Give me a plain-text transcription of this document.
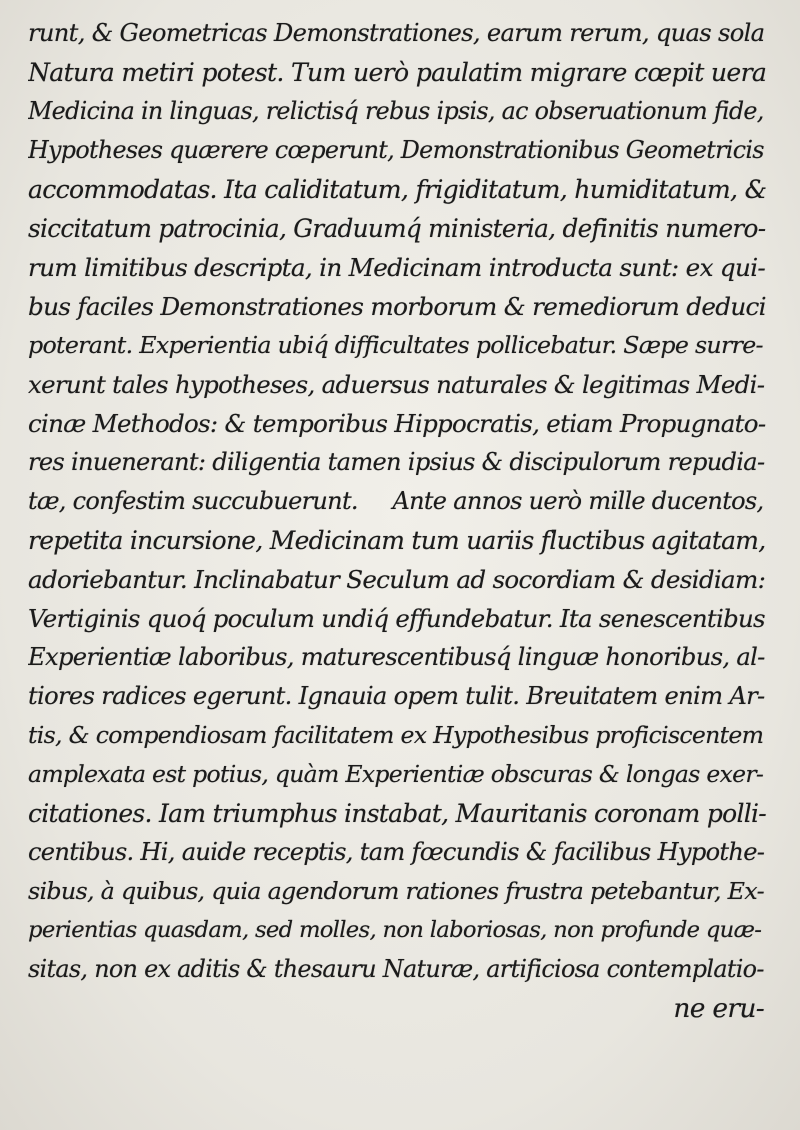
runt, & Geometricas Demonstrationes, earum rerum, quas sola
Natura metiri potest. Tum uerò paulatim migrare cœpit uera
Medicina in linguas, relictisq́ rebus ipsis, ac obseruationum fide,
Hypotheses quærere cœperunt, Demonstrationibus Geometricis
accommodatas. Ita caliditatum, frigiditatum, humiditatum, &
siccitatum patrocinia, Graduumq́ ministeria, definitis numero-
rum limitibus descripta, in Medicinam introducta sunt: ex qui-
bus faciles Demonstrationes morborum & remediorum deduci
poterant. Experientia ubiq́ difficultates pollicebatur. Sæpe surre-
xerunt tales hypotheses, aduersus naturales & legitimas Medi-
cinæ Methodos: & temporibus Hippocratis, etiam Propugnato-
res inuenerant: diligentia tamen ipsius & discipulorum repudia-
tæ, confestim succubuerunt.     Ante annos uerò mille ducentos,
repetita incursione, Medicinam tum uariis fluctibus agitatam,
adoriebantur. Inclinabatur Seculum ad socordiam & desidiam:
Vertiginis quoq́ poculum undiq́ effundebatur. Ita senescentibus
Experientiæ laboribus, maturescentibusq́ linguæ honoribus, al-
tiores radices egerunt. Ignauia opem tulit. Breuitatem enim Ar-
tis, & compendiosam facilitatem ex Hypothesibus proficiscentem
amplexata est potius, quàm Experientiæ obscuras & longas exer-
citationes. Iam triumphus instabat, Mauritanis coronam polli-
centibus. Hi, auide receptis, tam fœcundis & facilibus Hypothe-
sibus, à quibus, quia agendorum rationes frustra petebantur, Ex-
perientias quasdam, sed molles, non laboriosas, non profunde quæ-
sitas, non ex aditis & thesauru Naturæ, artificiosa contemplatio-
ne eru-
